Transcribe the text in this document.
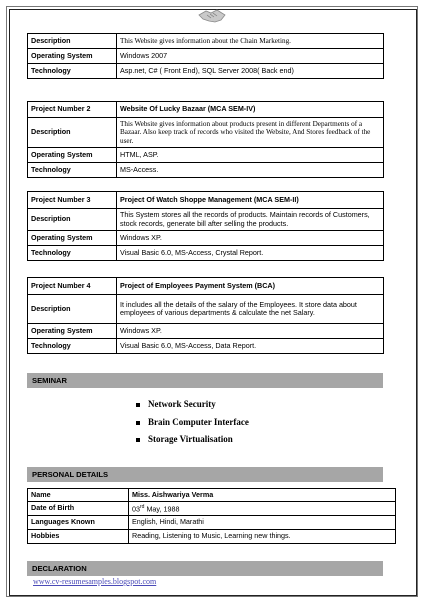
Description	This Website gives information about the Chain Marketing.
Operating System	Windows 2007
Technology	Asp.net, C# ( Front End), SQL Server 2008( Back end)
Project Number 2	Website Of Lucky Bazaar (MCA SEM-IV)
Description	This Website gives information about products present in different Departments of a Bazaar. Also keep track of records who visited the Website, And Stores feedback of the user.
Operating System	HTML, ASP.
Technology	MS-Access.
Project Number 3	Project Of Watch Shoppe Management (MCA SEM-II)
Description	This System stores all the records of products. Maintain records of Customers, stock records, generate bill after selling the products.
Operating System	Windows XP.
Technology	Visual Basic 6.0, MS-Access, Crystal Report.
Project Number 4	Project of Employees Payment System (BCA)
Description	It includes all the details of the salary of the Employees. It store data about employees of various departments & calculate the net Salary.
Operating System	Windows XP.
Technology	Visual Basic 6.0, MS-Access, Data Report.
SEMINAR
Network Security
Brain Computer Interface
Storage Virtualisation
PERSONAL DETAILS
Name	Miss. Aishwariya Verma
Date of Birth	03rd May, 1988
Languages Known	English, Hindi, Marathi
Hobbies	Reading, Listening to Music, Learning new things.
DECLARATION
www.cv-resumesamples.blogspot.com
